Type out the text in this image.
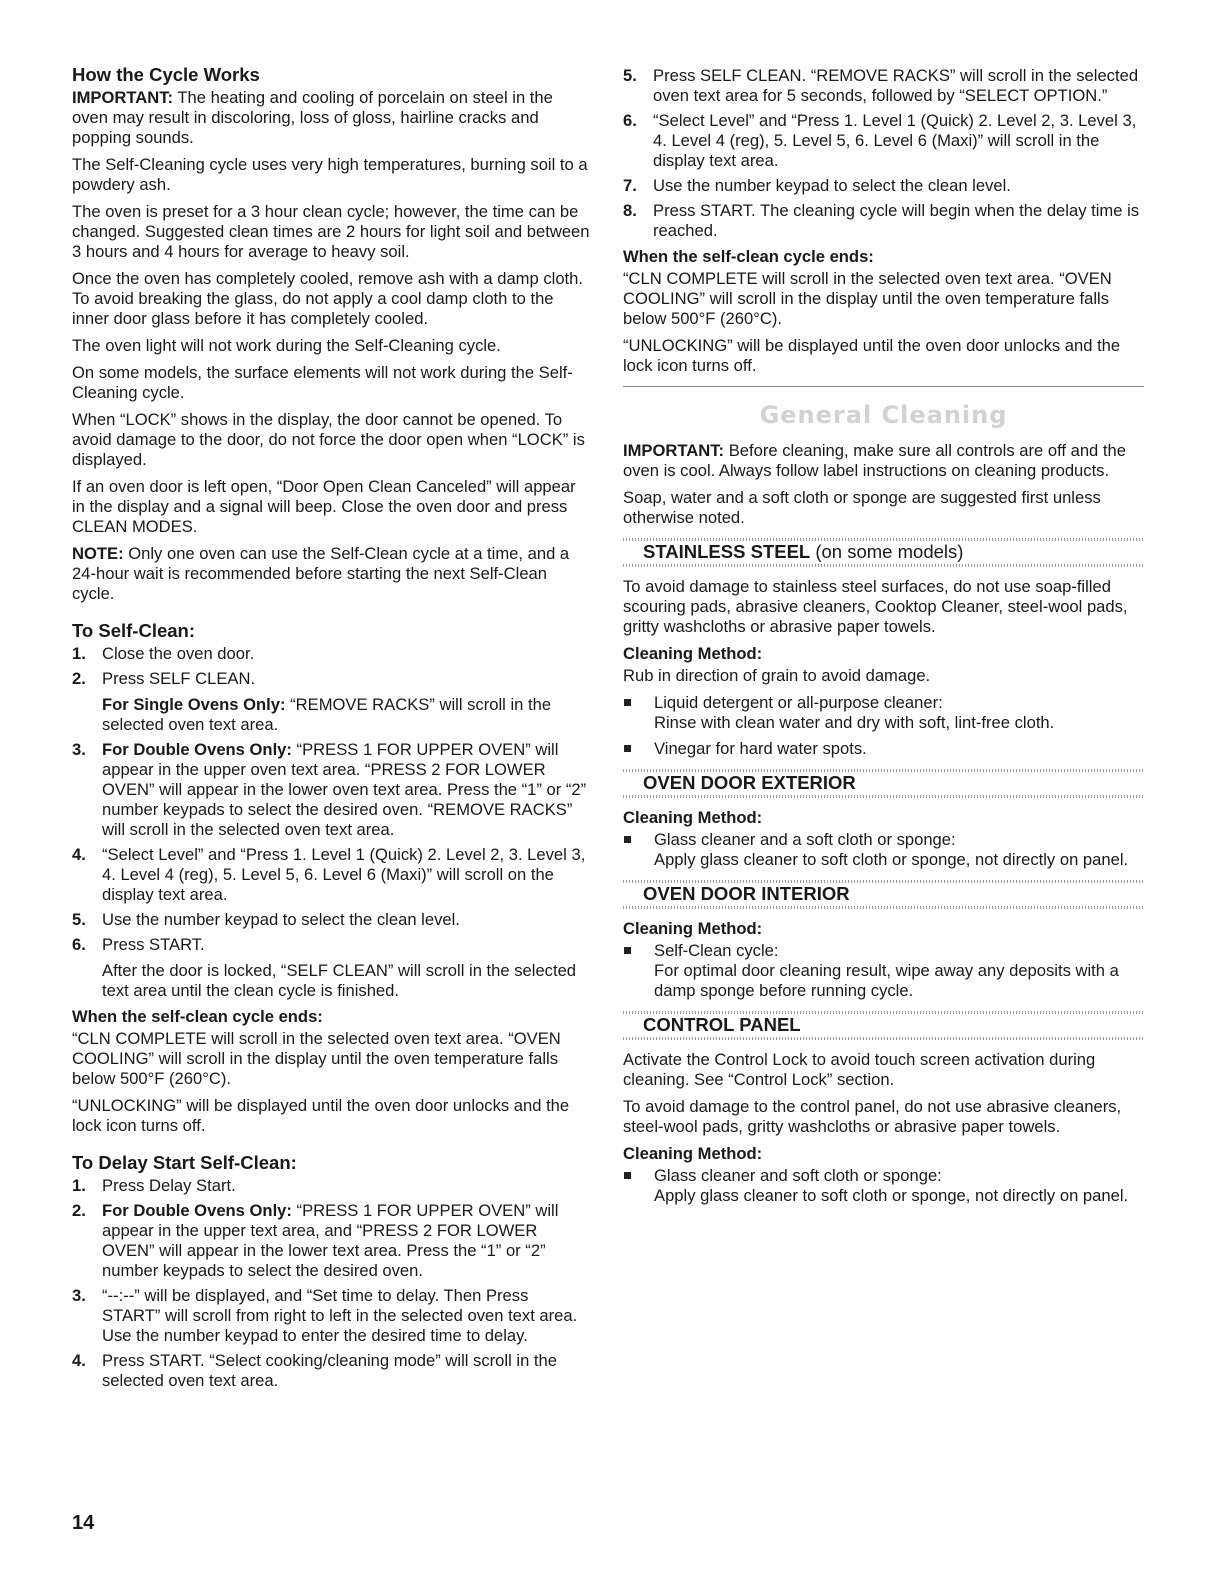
How the Cycle Works

IMPORTANT: The heating and cooling of porcelain on steel in the oven may result in discoloring, loss of gloss, hairline cracks and popping sounds.

The Self-Cleaning cycle uses very high temperatures, burning soil to a powdery ash.

The oven is preset for a 3 hour clean cycle; however, the time can be changed. Suggested clean times are 2 hours for light soil and between 3 hours and 4 hours for average to heavy soil.

Once the oven has completely cooled, remove ash with a damp cloth. To avoid breaking the glass, do not apply a cool damp cloth to the inner door glass before it has completely cooled.

The oven light will not work during the Self-Cleaning cycle.

On some models, the surface elements will not work during the Self-Cleaning cycle.

When “LOCK” shows in the display, the door cannot be opened. To avoid damage to the door, do not force the door open when “LOCK” is displayed.

If an oven door is left open, “Door Open Clean Canceled” will appear in the display and a signal will beep. Close the oven door and press CLEAN MODES.

NOTE: Only one oven can use the Self-Clean cycle at a time, and a 24-hour wait is recommended before starting the next Self-Clean cycle.

To Self-Clean:
1. Close the oven door.
2. Press SELF CLEAN.
For Single Ovens Only: “REMOVE RACKS” will scroll in the selected oven text area.
3. For Double Ovens Only: “PRESS 1 FOR UPPER OVEN” will appear in the upper oven text area. “PRESS 2 FOR LOWER OVEN” will appear in the lower oven text area. Press the “1” or “2” number keypads to select the desired oven. “REMOVE RACKS” will scroll in the selected oven text area.
4. “Select Level” and “Press 1. Level 1 (Quick) 2. Level 2, 3. Level 3, 4. Level 4 (reg), 5. Level 5, 6. Level 6 (Maxi)” will scroll on the display text area.
5. Use the number keypad to select the clean level.
6. Press START.
After the door is locked, “SELF CLEAN” will scroll in the selected text area until the clean cycle is finished.
When the self-clean cycle ends:

“CLN COMPLETE will scroll in the selected oven text area. “OVEN COOLING” will scroll in the display until the oven temperature falls below 500°F (260°C).

“UNLOCKING” will be displayed until the oven door unlocks and the lock icon turns off.

To Delay Start Self-Clean:
1. Press Delay Start.
2. For Double Ovens Only: “PRESS 1 FOR UPPER OVEN” will appear in the upper text area, and “PRESS 2 FOR LOWER OVEN” will appear in the lower text area. Press the “1” or “2” number keypads to select the desired oven.
3. “--:--” will be displayed, and “Set time to delay. Then Press START” will scroll from right to left in the selected oven text area. Use the number keypad to enter the desired time to delay.
4. Press START. “Select cooking/cleaning mode” will scroll in the selected oven text area.
5. Press SELF CLEAN. “REMOVE RACKS” will scroll in the selected oven text area for 5 seconds, followed by “SELECT OPTION.”
6. “Select Level” and “Press 1. Level 1 (Quick) 2. Level 2, 3. Level 3, 4. Level 4 (reg), 5. Level 5, 6. Level 6 (Maxi)” will scroll in the display text area.
7. Use the number keypad to select the clean level.
8. Press START. The cleaning cycle will begin when the delay time is reached.
When the self-clean cycle ends:

“CLN COMPLETE will scroll in the selected oven text area. “OVEN COOLING” will scroll in the display until the oven temperature falls below 500°F (260°C).

“UNLOCKING” will be displayed until the oven door unlocks and the lock icon turns off.

General Cleaning

IMPORTANT: Before cleaning, make sure all controls are off and the oven is cool. Always follow label instructions on cleaning products.

Soap, water and a soft cloth or sponge are suggested first unless otherwise noted.

STAINLESS STEEL (on some models)

To avoid damage to stainless steel surfaces, do not use soap-filled scouring pads, abrasive cleaners, Cooktop Cleaner, steel-wool pads, gritty washcloths or abrasive paper towels.

Cleaning Method:

Rub in direction of grain to avoid damage.

Liquid detergent or all-purpose cleaner:
Rinse with clean water and dry with soft, lint-free cloth.
Vinegar for hard water spots.
OVEN DOOR EXTERIOR
Cleaning Method:
Glass cleaner and a soft cloth or sponge:
Apply glass cleaner to soft cloth or sponge, not directly on panel.
OVEN DOOR INTERIOR
Cleaning Method:
Self-Clean cycle:
For optimal door cleaning result, wipe away any deposits with a damp sponge before running cycle.
CONTROL PANEL

Activate the Control Lock to avoid touch screen activation during cleaning. See “Control Lock” section.

To avoid damage to the control panel, do not use abrasive cleaners, steel-wool pads, gritty washcloths or abrasive paper towels.

Cleaning Method:
Glass cleaner and soft cloth or sponge:
Apply glass cleaner to soft cloth or sponge, not directly on panel.
14
